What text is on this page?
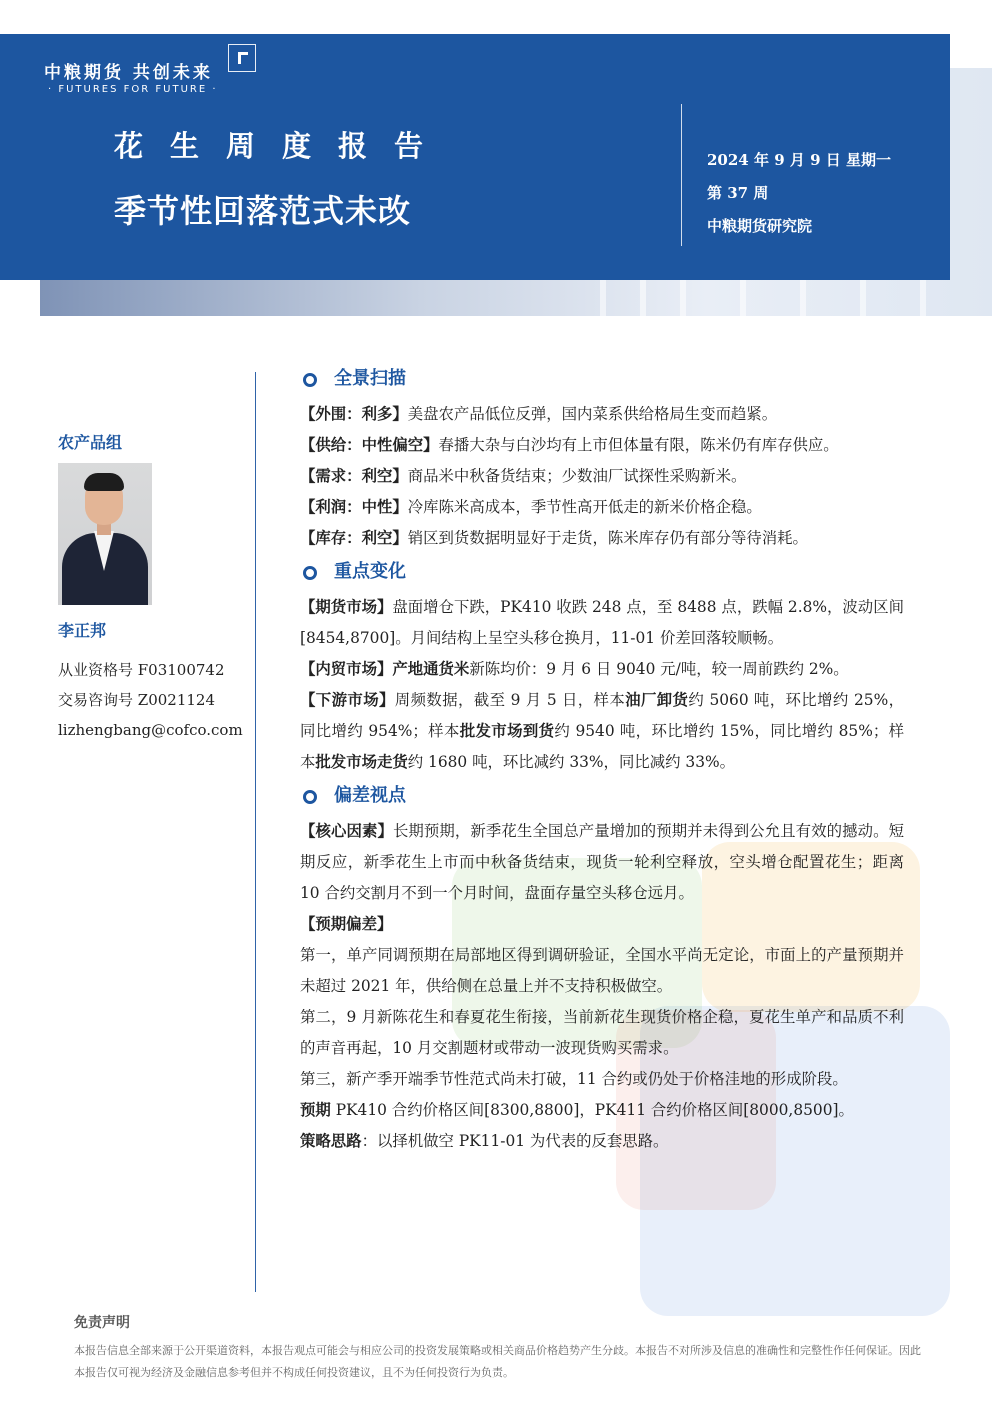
中粮期货 共创未来
· FUTURES FOR FUTURE ·
花生周度报告
季节性回落范式未改
2024 年 9 月 9 日 星期一
第 37 周
中粮期货研究院
农产品组
李正邦
从业资格号 F03100742
交易咨询号 Z0021124
lizhengbang@cofco.com
全景扫描

【外围：利多】美盘农产品低位反弹，国内菜系供给格局生变而趋紧。

【供给：中性偏空】春播大杂与白沙均有上市但体量有限，陈米仍有库存供应。

【需求：利空】商品米中秋备货结束；少数油厂试探性采购新米。

【利润：中性】冷库陈米高成本，季节性高开低走的新米价格企稳。

【库存：利空】销区到货数据明显好于走货，陈米库存仍有部分等待消耗。

重点变化

【期货市场】盘面增仓下跌，PK410 收跌 248 点，至 8488 点，跌幅 2.8%，波动区间[8454,8700]。月间结构上呈空头移仓换月，11-01 价差回落较顺畅。

【内贸市场】产地通货米新陈均价：9 月 6 日 9040 元/吨，较一周前跌约 2%。

【下游市场】周频数据，截至 9 月 5 日，样本油厂卸货约 5060 吨，环比增约 25%，同比增约 954%；样本批发市场到货约 9540 吨，环比增约 15%，同比增约 85%；样本批发市场走货约 1680 吨，环比减约 33%，同比减约 33%。

偏差视点

【核心因素】长期预期，新季花生全国总产量增加的预期并未得到公允且有效的撼动。短期反应，新季花生上市而中秋备货结束，现货一轮利空释放，空头增仓配置花生；距离 10 合约交割月不到一个月时间，盘面存量空头移仓远月。

【预期偏差】

第一，单产同调预期在局部地区得到调研验证，全国水平尚无定论，市面上的产量预期并未超过 2021 年，供给侧在总量上并不支持积极做空。

第二，9 月新陈花生和春夏花生衔接，当前新花生现货价格企稳，夏花生单产和品质不利的声音再起，10 月交割题材或带动一波现货购买需求。

第三，新产季开端季节性范式尚未打破，11 合约或仍处于价格洼地的形成阶段。

预期 PK410 合约价格区间[8300,8800]，PK411 合约价格区间[8000,8500]。

策略思路：以择机做空 PK11-01 为代表的反套思路。

免责声明
本报告信息全部来源于公开渠道资料，本报告观点可能会与相应公司的投资发展策略或相关商品价格趋势产生分歧。本报告不对所涉及信息的准确性和完整性作任何保证。因此本报告仅可视为经济及金融信息参考但并不构成任何投资建议，且不为任何投资行为负责。
